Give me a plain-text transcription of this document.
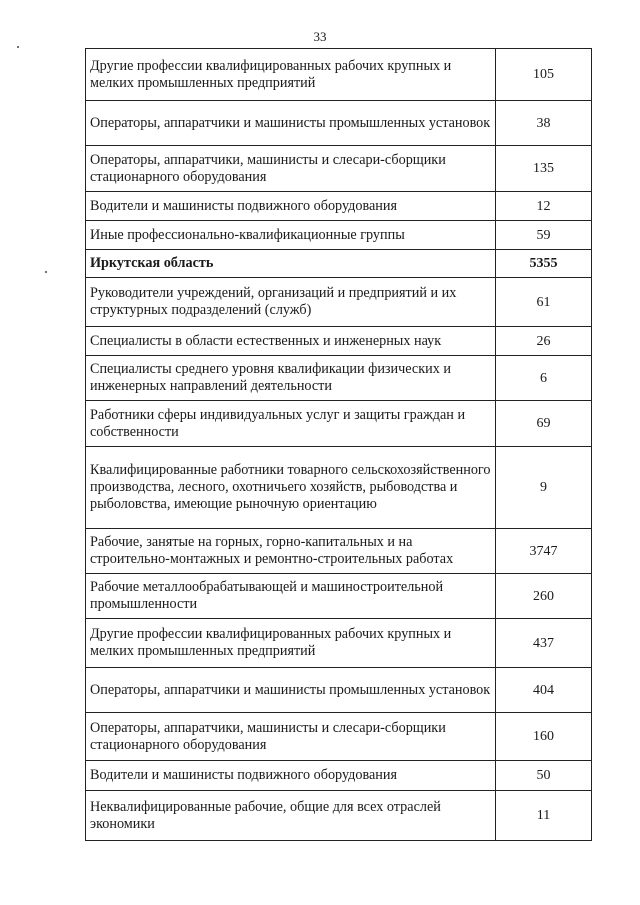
33
Другие профессии квалифицированных рабочих крупных и мелких промышленных предприятий	105
Операторы, аппаратчики и машинисты промышленных установок	38
Операторы, аппаратчики, машинисты и слесари-сборщики стационарного оборудования	135
Водители и машинисты подвижного оборудования	12
Иные профессионально-квалификационные группы	59
Иркутская область	5355
Руководители учреждений, организаций и предприятий и их структурных подразделений (служб)	61
Специалисты в области естественных и инженерных наук	26
Специалисты среднего уровня квалификации физических и инженерных направлений деятельности	6
Работники сферы индивидуальных услуг и защиты граждан и собственности	69
Квалифицированные работники товарного сельскохозяйственного производства, лесного, охотничьего хозяйств, рыбоводства и рыболовства, имеющие рыночную ориентацию	9
Рабочие, занятые на горных, горно-капитальных и на строительно-монтажных и ремонтно-строительных работах	3747
Рабочие металлообрабатывающей и машиностроительной промышленности	260
Другие профессии квалифицированных рабочих крупных и мелких промышленных предприятий	437
Операторы, аппаратчики и машинисты промышленных установок	404
Операторы, аппаратчики, машинисты и слесари-сборщики стационарного оборудования	160
Водители и машинисты подвижного оборудования	50
Неквалифицированные рабочие, общие для всех отраслей экономики	11
